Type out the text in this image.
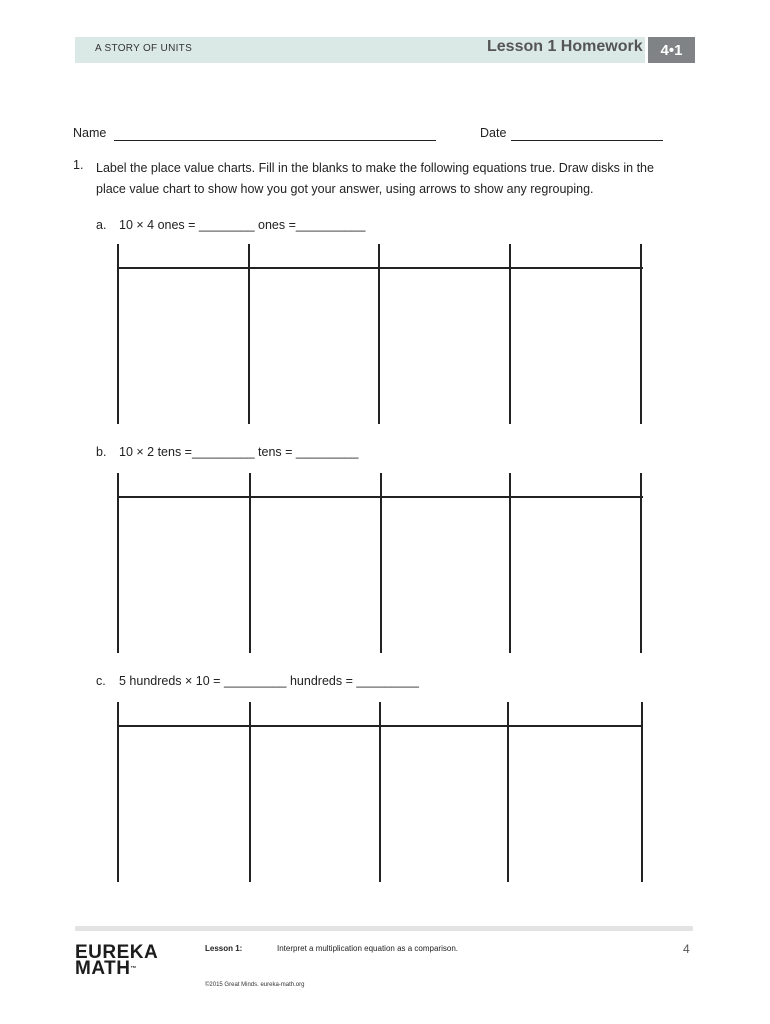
A STORY OF UNITS	Lesson 1 Homework	4•1
Name	Date
1. Label the place value charts. Fill in the blanks to make the following equations true. Draw disks in the place value chart to show how you got your answer, using arrows to show any regrouping.
a. 10 × 4 ones = ________ ones =__________
b. 10 × 2 tens =_________ tens = _________
c. 5 hundreds × 10 = _________ hundreds = _________
EUREKA
MATH™
Lesson 1:	Interpret a multiplication equation as a comparison.	4
©2015 Great Minds. eureka-math.org
